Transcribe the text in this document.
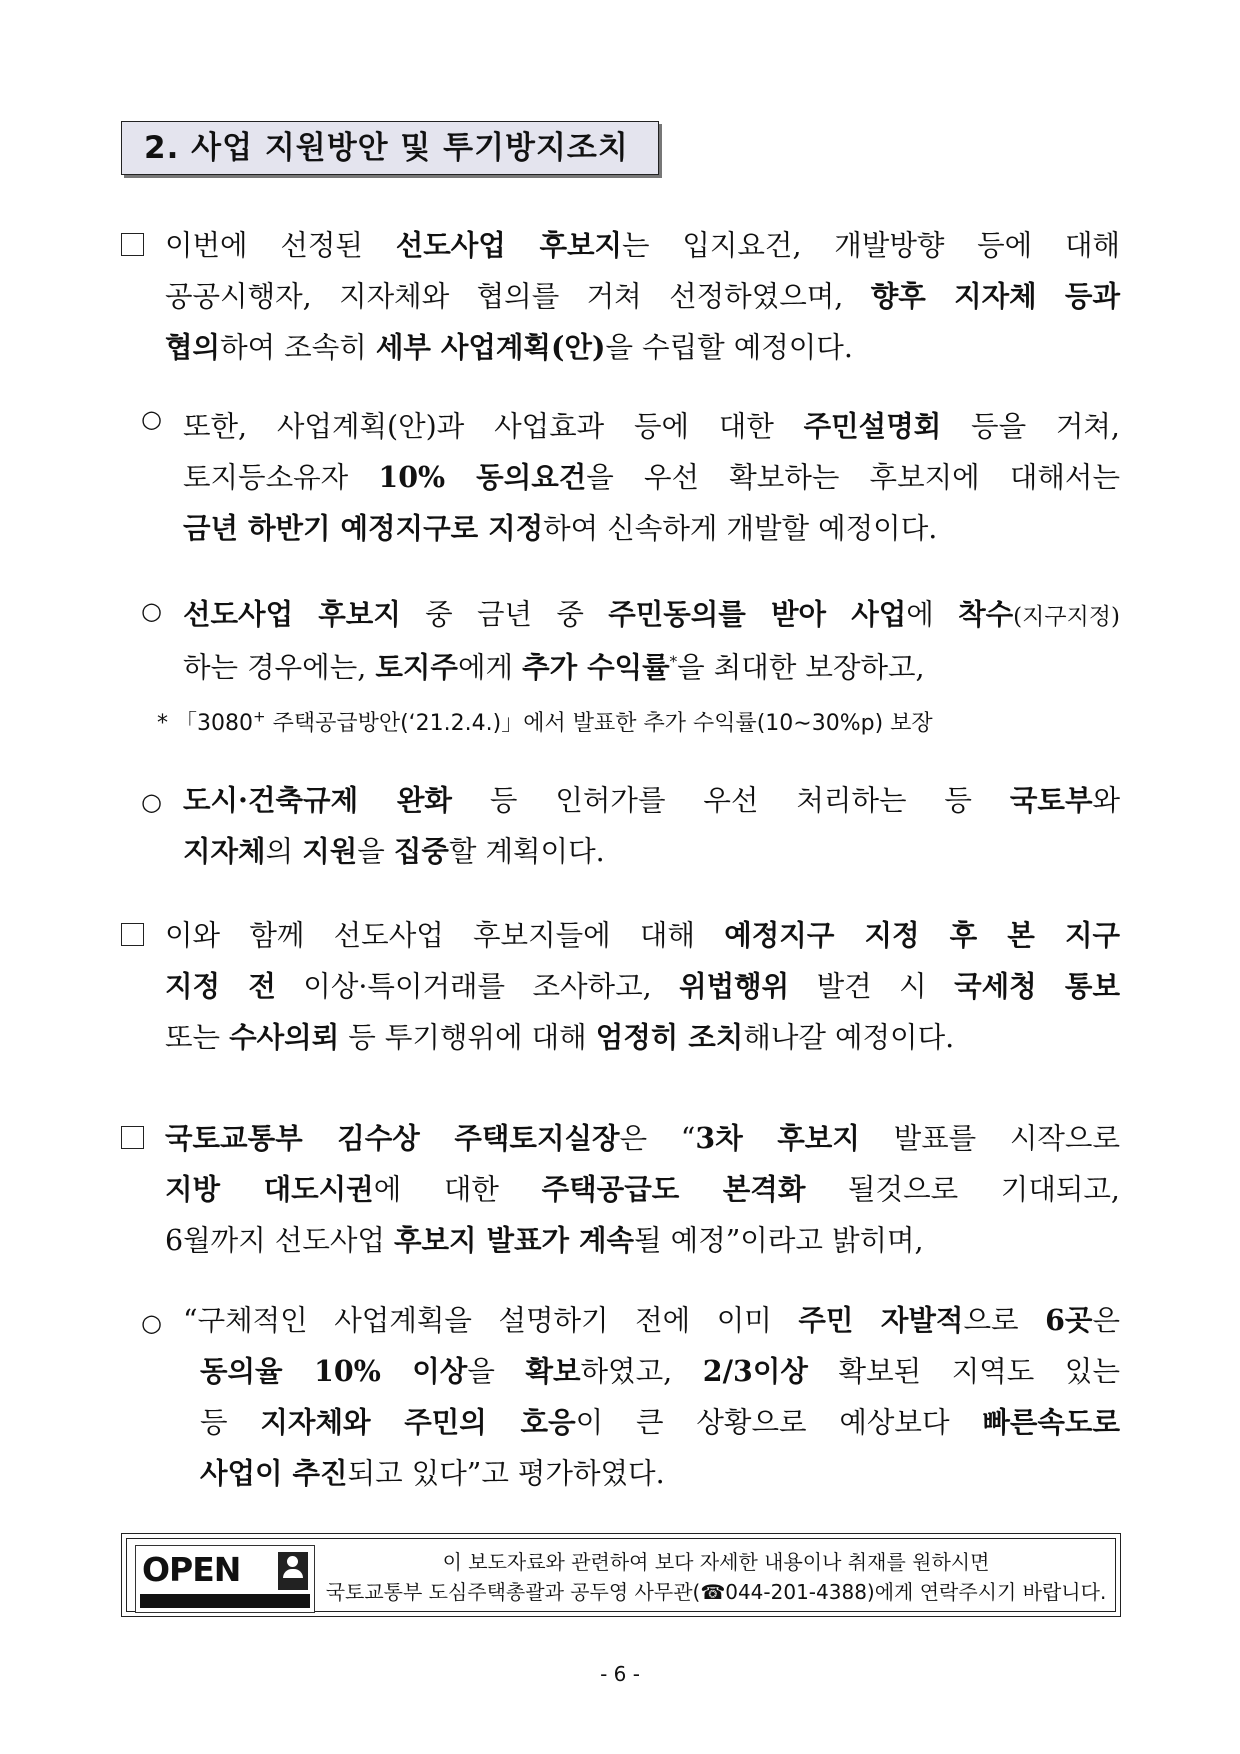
2. 사업 지원방안 및 투기방지조치
이번에 선정된 선도사업 후보지는 입지요건, 개발방향 등에 대해
공공시행자, 지자체와 협의를 거쳐 선정하였으며, 향후 지자체 등과
협의하여 조속히 세부 사업계획(안)을 수립할 예정이다.
○ 또한, 사업계획(안)과 사업효과 등에 대한 주민설명회 등을 거쳐,
토지등소유자 10% 동의요건을 우선 확보하는 후보지에 대해서는
금년 하반기 예정지구로 지정하여 신속하게 개발할 예정이다.
○ 선도사업 후보지 중 금년 중 주민동의를 받아 사업에 착수(지구지정)
하는 경우에는, 토지주에게 추가 수익률*을 최대한 보장하고,
* 「3080+ 주택공급방안(‘21.2.4.)」에서 발표한 추가 수익률(10∼30%p) 보장
○ 도시·건축규제 완화 등 인허가를 우선 처리하는 등 국토부와
지자체의 지원을 집중할 계획이다.
이와 함께 선도사업 후보지들에 대해 예정지구 지정 후 본 지구
지정 전 이상·특이거래를 조사하고, 위법행위 발견 시 국세청 통보
또는 수사의뢰 등 투기행위에 대해 엄정히 조치해나갈 예정이다.
국토교통부 김수상 주택토지실장은 “3차 후보지 발표를 시작으로
지방 대도시권에 대한 주택공급도 본격화 될것으로 기대되고,
6월까지 선도사업 후보지 발표가 계속될 예정”이라고 밝히며,
○ “구체적인 사업계획을 설명하기 전에 이미 주민 자발적으로 6곳은
동의율 10% 이상을 확보하였고, 2/3이상 확보된 지역도 있는
등 지자체와 주민의 호응이 큰 상황으로 예상보다 빠른속도로
사업이 추진되고 있다”고 평가하였다.
OPEN	이 보도자료와 관련하여 보다 자세한 내용이나 취재를 원하시면
국토교통부 도심주택총괄과 공두영 사무관(☎044-201-4388)에게 연락주시기 바랍니다.
- 6 -
